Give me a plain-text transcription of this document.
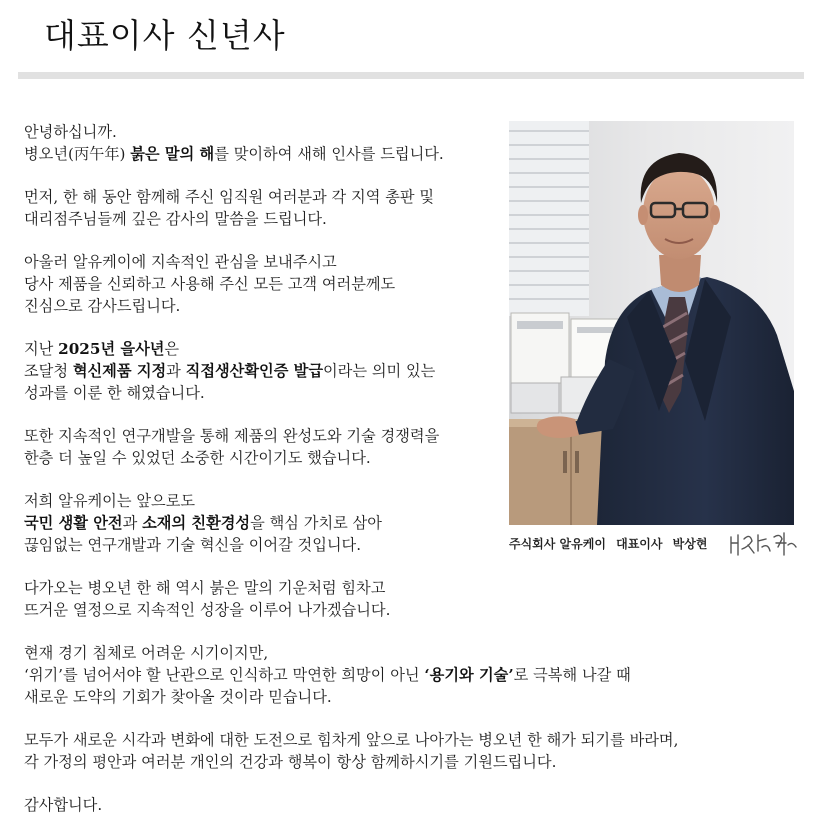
대표이사 신년사

안녕하십니까.
병오년(丙午年) 붉은 말의 해를 맞이하여 새해 인사를 드립니다.

먼저, 한 해 동안 함께해 주신 임직원 여러분과 각 지역 총판 및
대리점주님들께 깊은 감사의 말씀을 드립니다.

아울러 알유케이에 지속적인 관심을 보내주시고
당사 제품을 신뢰하고 사용해 주신 모든 고객 여러분께도
진심으로 감사드립니다.

지난 2025년 을사년은
조달청 혁신제품 지정과 직접생산확인증 발급이라는 의미 있는
성과를 이룬 한 해였습니다.

또한 지속적인 연구개발을 통해 제품의 완성도와 기술 경쟁력을
한층 더 높일 수 있었던 소중한 시간이기도 했습니다.

저희 알유케이는 앞으로도
국민 생활 안전과 소재의 친환경성을 핵심 가치로 삼아
끊임없는 연구개발과 기술 혁신을 이어갈 것입니다.

다가오는 병오년 한 해 역시 붉은 말의 기운처럼 힘차고
뜨거운 열정으로 지속적인 성장을 이루어 나가겠습니다.

현재 경기 침체로 어려운 시기이지만,
‘위기’를 넘어서야 할 난관으로 인식하고 막연한 희망이 아닌 ‘용기와 기술’로 극복해 나갈 때
새로운 도약의 기회가 찾아올 것이라 믿습니다.

모두가 새로운 시각과 변화에 대한 도전으로 힘차게 앞으로 나아가는 병오년 한 해가 되기를 바라며,
각 가정의 평안과 여러분 개인의 건강과 행복이 항상 함께하시기를 기원드립니다.

감사합니다.

주식회사 알유케이 대표이사 박상현
